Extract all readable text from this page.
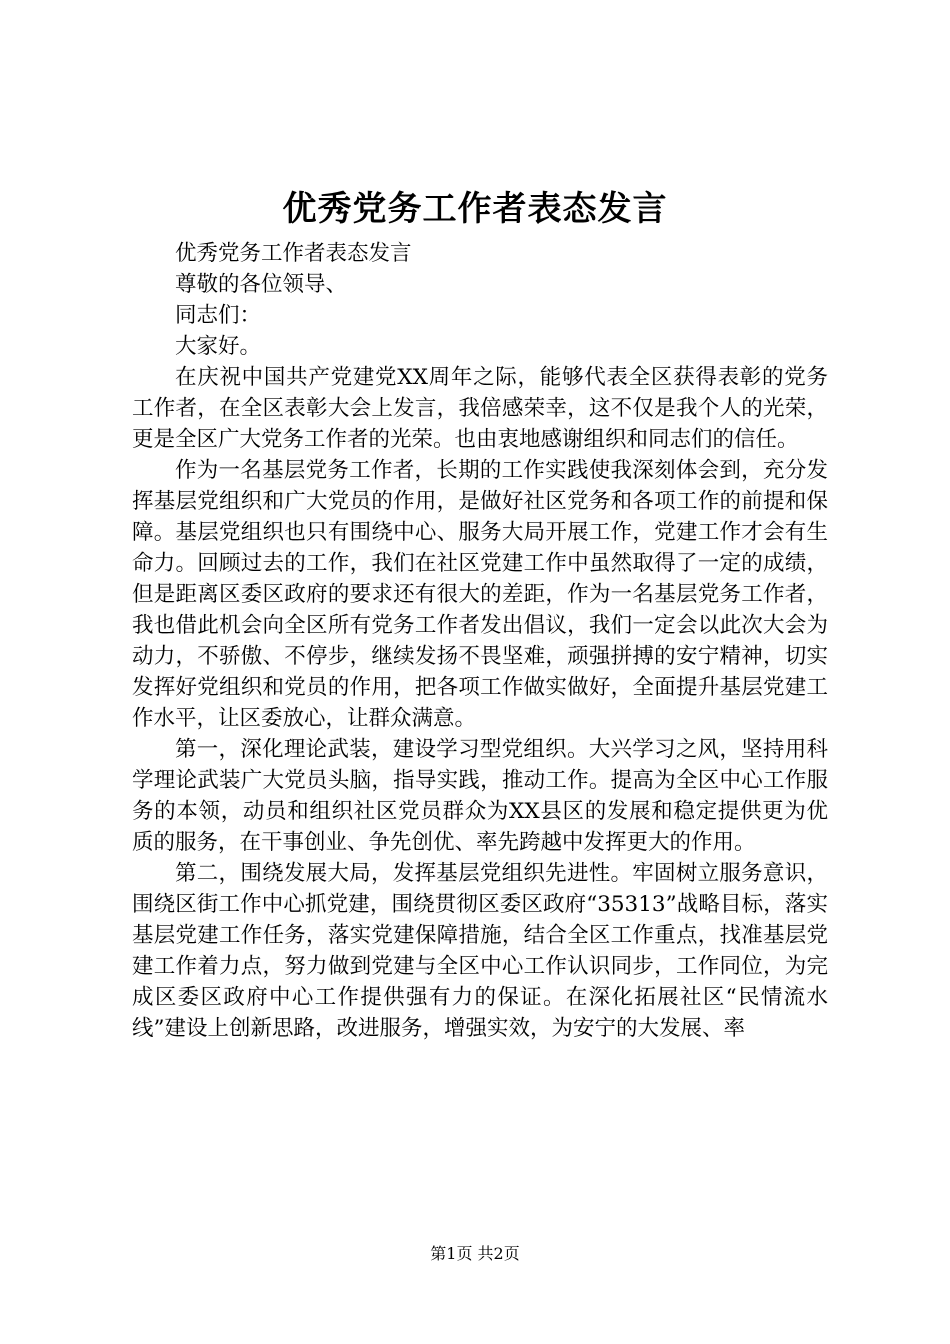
优秀党务工作者表态发言

优秀党务工作者表态发言

尊敬的各位领导、

同志们：

大家好。

在庆祝中国共产党建党XX周年之际，能够代表全区获得表彰的党务工作者，在全区表彰大会上发言，我倍感荣幸，这不仅是我个人的光荣，更是全区广大党务工作者的光荣。也由衷地感谢组织和同志们的信任。

作为一名基层党务工作者，长期的工作实践使我深刻体会到，充分发挥基层党组织和广大党员的作用，是做好社区党务和各项工作的前提和保障。基层党组织也只有围绕中心、服务大局开展工作，党建工作才会有生命力。回顾过去的工作，我们在社区党建工作中虽然取得了一定的成绩，但是距离区委区政府的要求还有很大的差距，作为一名基层党务工作者，我也借此机会向全区所有党务工作者发出倡议，我们一定会以此次大会为动力，不骄傲、不停步，继续发扬不畏坚难，顽强拼搏的安宁精神，切实发挥好党组织和党员的作用，把各项工作做实做好，全面提升基层党建工作水平，让区委放心，让群众满意。

第一，深化理论武装，建设学习型党组织。大兴学习之风，坚持用科学理论武装广大党员头脑，指导实践，推动工作。提高为全区中心工作服务的本领，动员和组织社区党员群众为XX县区的发展和稳定提供更为优质的服务，在干事创业、争先创优、率先跨越中发挥更大的作用。

第二，围绕发展大局，发挥基层党组织先进性。牢固树立服务意识，围绕区街工作中心抓党建，围绕贯彻区委区政府“35313”战略目标，落实基层党建工作任务，落实党建保障措施，结合全区工作重点，找准基层党建工作着力点，努力做到党建与全区中心工作认识同步，工作同位，为完成区委区政府中心工作提供强有力的保证。在深化拓展社区“民情流水线”建设上创新思路，改进服务，增强实效，为安宁的大发展、率

第1页 共2页
